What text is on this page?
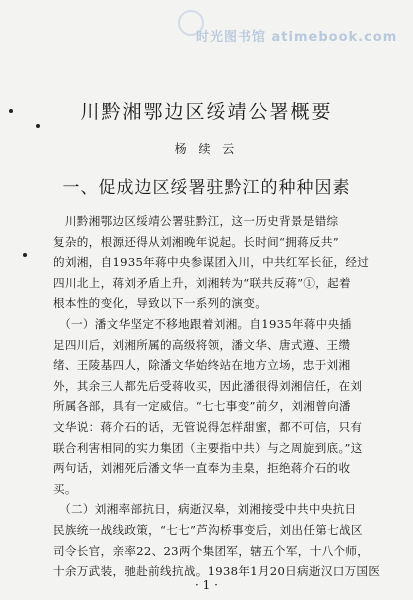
时光图书馆 atimebook.com
川黔湘鄂边区绥靖公署概要
杨 续 云
一、促成边区绥署驻黔江的种种因素
　川黔湘鄂边区绥靖公署驻黔江，这一历史背景是错综
复杂的，根源还得从刘湘晚年说起。长时间“拥蒋反共”
的刘湘，自1935年蒋中央参谋团入川，中共红军长征，经过
四川北上，蒋刘矛盾上升，刘湘转为“联共反蒋”①，起着
根本性的变化，导致以下一系列的演变。
　（一）潘文华坚定不移地跟着刘湘。自1935年蒋中央插
足四川后，刘湘所属的高级将领，潘文华、唐式遵、王缵
绪、王陵基四人，除潘文华始终站在地方立场，忠于刘湘
外，其余三人都先后受蒋收买，因此潘很得刘湘信任，在刘
所属各部，具有一定威信。“七七事变”前夕，刘湘曾向潘
文华说：蒋介石的话，无管说得怎样甜蜜，都不可信，只有
联合利害相同的实力集团（主要指中共）与之周旋到底。”这
两句话，刘湘死后潘文华一直奉为圭臬，拒绝蒋介石的收
买。
　（二）刘湘率部抗日，病逝汉皋，刘湘接受中共中央抗日
民族统一战线政策，“七七”芦沟桥事变后，刘出任第七战区
司令长官，亲率22、23两个集团军，辖五个军，十八个师，
十余万武装，驰赴前线抗战。1938年1月20日病逝汉口万国医
· 1 ·
